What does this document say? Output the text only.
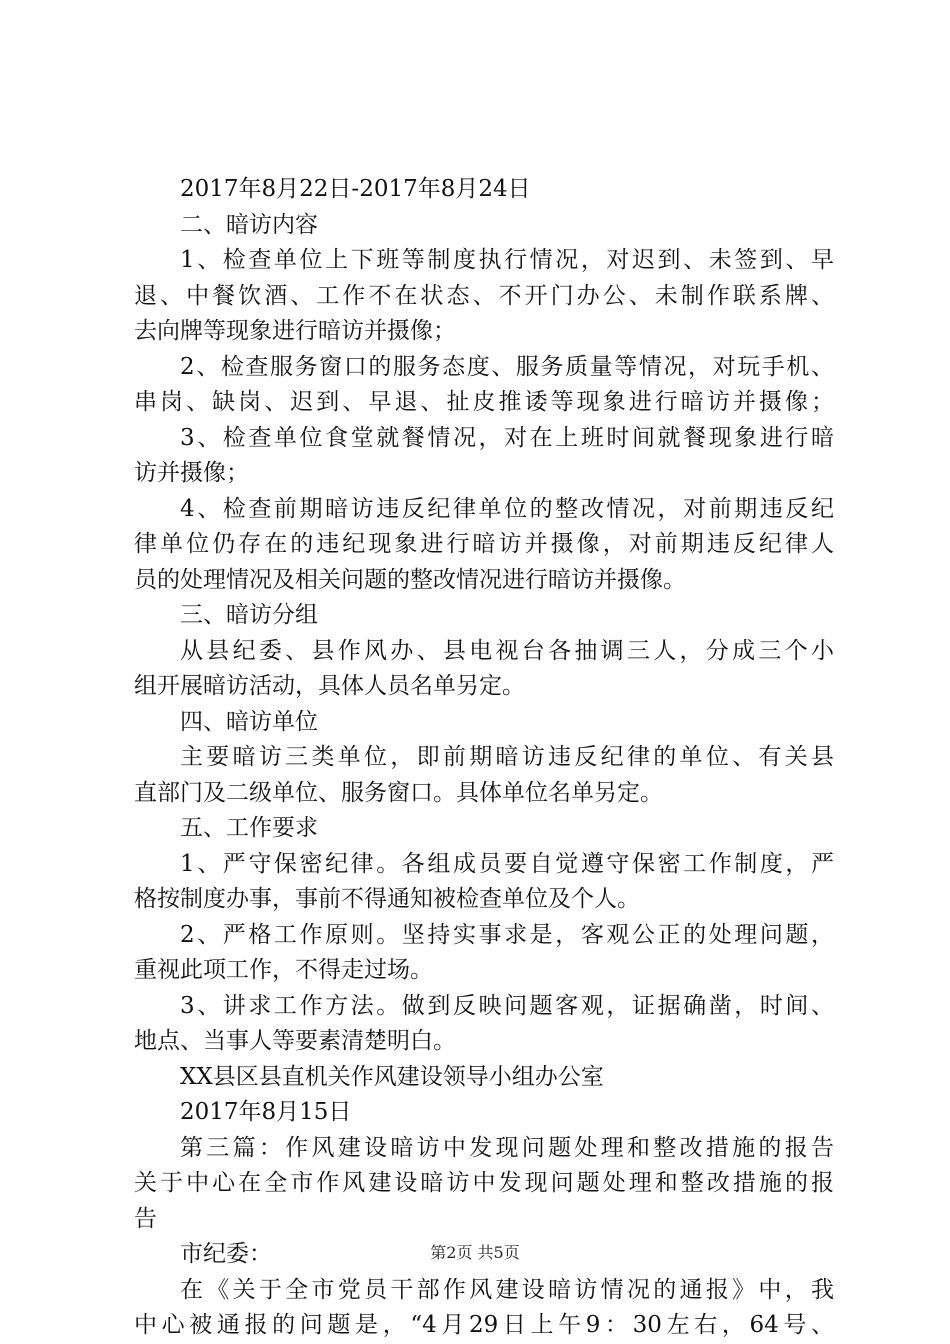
2017年8月22日-2017年8月24日
二、暗访内容
1、检查单位上下班等制度执行情况，对迟到、未签到、早
退、中餐饮酒、工作不在状态、不开门办公、未制作联系牌、
去向牌等现象进行暗访并摄像；
2、检查服务窗口的服务态度、服务质量等情况，对玩手机、
串岗、缺岗、迟到、早退、扯皮推诿等现象进行暗访并摄像；
3、检查单位食堂就餐情况，对在上班时间就餐现象进行暗
访并摄像；
4、检查前期暗访违反纪律单位的整改情况，对前期违反纪
律单位仍存在的违纪现象进行暗访并摄像，对前期违反纪律人
员的处理情况及相关问题的整改情况进行暗访并摄像。
三、暗访分组
从县纪委、县作风办、县电视台各抽调三人，分成三个小
组开展暗访活动，具体人员名单另定。
四、暗访单位
主要暗访三类单位，即前期暗访违反纪律的单位、有关县
直部门及二级单位、服务窗口。具体单位名单另定。
五、工作要求
1、严守保密纪律。各组成员要自觉遵守保密工作制度，严
格按制度办事，事前不得通知被检查单位及个人。
2、严格工作原则。坚持实事求是，客观公正的处理问题，
重视此项工作，不得走过场。
3、讲求工作方法。做到反映问题客观，证据确凿，时间、
地点、当事人等要素清楚明白。
XX县区县直机关作风建设领导小组办公室
2017年8月15日
第三篇：作风建设暗访中发现问题处理和整改措施的报告
关于中心在全市作风建设暗访中发现问题处理和整改措施的报
告
市纪委：
在《关于全市党员干部作风建设暗访情况的通报》中，我
中心被通报的问题是，“4月29日上午9：30左右，64号、
第2页 共5页
